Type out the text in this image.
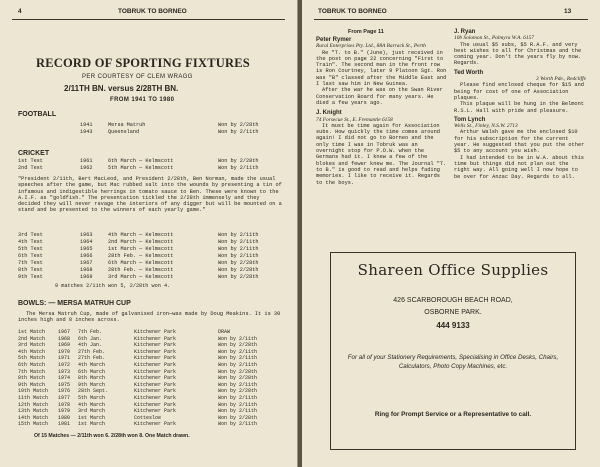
4	TOBRUK TO BORNEO
RECORD OF SPORTING FIXTURES
PER COURTESY OF CLEM WRAGG
2/11TH BN. versus 2/28TH BN.
FROM 1941 TO 1980
FOOTBALL
1941	Mersa Matruh	Won by 2/28th
1943	Queensland	Won by 2/11th
CRICKET
1st Test	1961	6th March — Kelmscott	Won by 2/28th
2nd Test	1962	5th March — Kelmscott	Won by 2/11th
"President 2/11th, Bert MacLeod, and President 2/28th, Ben Norman, made the usual speeches after the game, but Mac rubbed salt into the wounds by presenting a tin of infamous and indigestible herrings in tomato sauce to Ben. These were known to the A.I.F. as "goldfish." The presentation tickled the 2/28th immensely and they decided they will never ravage the interiors of any digger but will be mounted on a stand and be presented to the winners of each yearly game."
3rd Test	1963	4th March — Kelmscott	Won by 2/11th
4th Test	1964	2nd March — Kelmscott	Won by 2/11th
5th Test	1965	1st March — Kelmscott	Won by 2/11th
6th Test	1966	28th Feb. — Kelmscott	Won by 2/11th
7th Test	1967	6th March — Kelmscott	Won by 2/28th
8th Test	1968	28th Feb. — Kelmscott	Won by 2/28th
9th Test	1969	3rd March — Kelmscott	Won by 2/28th
9 matches 2/11th won 5, 2/28th won 4.
BOWLS: — MERSA MATRUH CUP
The Mersa Matruh Cup, made of galvanised iron—was made by Doug Meakins. It is 30 inches high and 8 inches across.
1st Match	1967 7th Feb.	Kitchener Park	DRAW
2nd Match	1968 6th Jan.	Kitchener Park	Won by 2/11th
3rd Match	1969 4th Jan.	Kitchener Park	Won by 2/28th
4th Match	1970 27th Feb.	Kitchener Park	Won by 2/11th
5th Match	1971 27th Feb.	Kitchener Park	Won by 2/11th
6th Match	1972 4th March	Kitchener Park	Won by 2/11th
7th Match	1973 6th March	Kitchener Park	Won by 2/28th
8th Match	1974 8th March	Kitchener Park	Won by 2/28th
9th Match	1975 9th March	Kitchener Park	Won by 2/11th
10th Match 1976 28th Sept.	Kitchener Park	Won by 2/28th
11th Match 1977 5th March	Kitchener Park	Won by 2/11th
12th Match 1978 4th March	Kitchener Park	Won by 2/11th
13th Match 1979 3rd March	Kitchener Park	Won by 2/11th
14th Match 1980 1st March	Cottesloe	Won by 2/28th
15th Match 1981 1st March	Kitchener Park	Won by 2/11th
Of 15 Matches — 2/11th won 6. 2/28th won 8. One Match drawn.
TOBRUK TO BORNEO	13
From Page 11
Peter Rymer
Rural Enterprises Pty. Ltd., 88A Barrack St., Perth

Re "T. to B." (June), just received in the post on page 22 concerning "First to Train". The second man in the front row is Ron Courtney, later 9 Platoon Sgt. Ron was "B" classed after the Middle East and I last saw him in New Guinea.

After the war he was on the Swan River Conservation Board for many years. He died a few years ago.

J. Knight
74 Forsecue St., E. Fremantle 6158

It must be time again for Association subs. How quickly the time comes around again! I did not go to Borneo and the only time I was in Tobruk was an overnight stop for P.O.W. when the Germans had it. I knew a few of the blokes and fewer knew me. The Journal "T. to B." is good to read and helps fading memories. I like to receive it. Regards to the boys.

J. Ryan
10b Solomon St., Palmyra W.A. 6157

The usual $5 subs, $5 R.A.F. and very best wishes to all for Christmas and the coming year. Don't the years fly by now. Regards.

Ted Worth
3 Worth Pde., Redcliffe

Please find enclosed cheque for $15 and being for cost of one of Association plaques.

This plaque will be hung in the Belmont R.S.L. Hall with pride and pleasure.

Tom Lynch
Wells St., Finley, N.S.W. 2713

Arthur Walsh gave me the enclosed $10 for his subscription for the current year. He suggested that you put the other $5 to any account you wish.

I had intended to be in W.A. about this time but things did not plan out the right way. All going well I now hope to be over for Anzac Day. Regards to all.

Shareen Office Supplies
426 SCARBOROUGH BEACH ROAD,
OSBORNE PARK.
444 9133
For all of your Stationery Requirements, Specialising in Office Desks, Chairs, Calculators, Photo Copy Machines, etc.
Ring for Prompt Service or a Representative to call.
